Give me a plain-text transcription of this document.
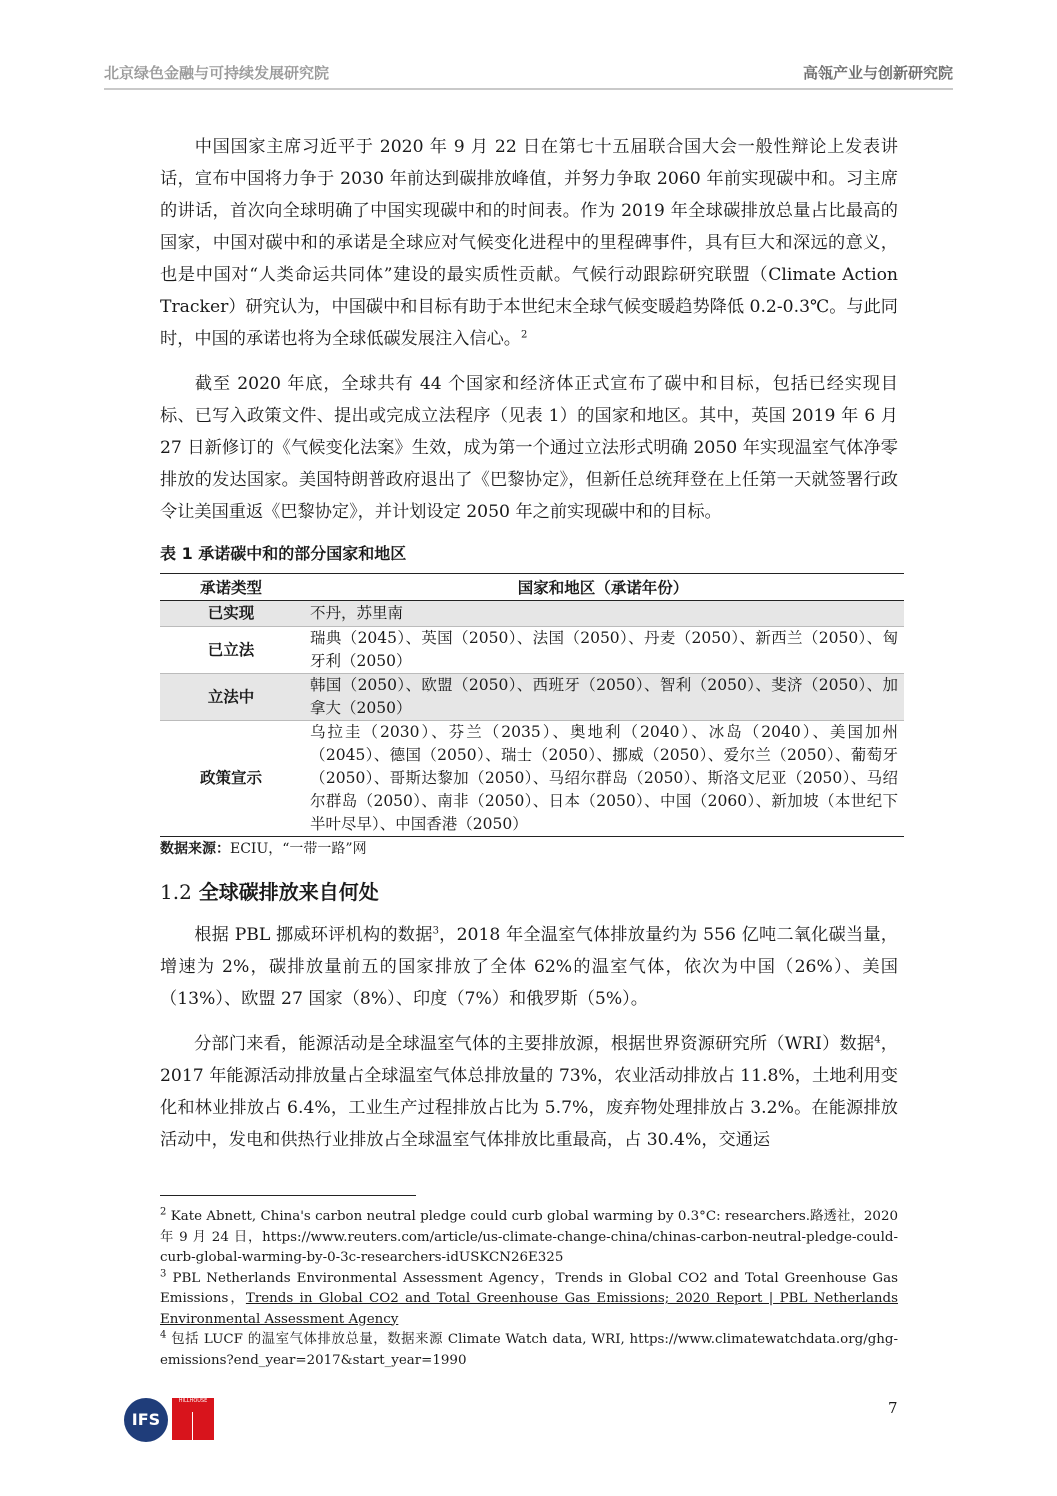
北京绿色金融与可持续发展研究院	高瓴产业与创新研究院

中国国家主席习近平于 2020 年 9 月 22 日在第七十五届联合国大会一般性辩论上发表讲话，宣布中国将力争于 2030 年前达到碳排放峰值，并努力争取 2060 年前实现碳中和。习主席的讲话，首次向全球明确了中国实现碳中和的时间表。作为 2019 年全球碳排放总量占比最高的国家，中国对碳中和的承诺是全球应对气候变化进程中的里程碑事件，具有巨大和深远的意义，也是中国对“人类命运共同体”建设的最实质性贡献。气候行动跟踪研究联盟（Climate Action Tracker）研究认为，中国碳中和目标有助于本世纪末全球气候变暖趋势降低 0.2-0.3℃。与此同时，中国的承诺也将为全球低碳发展注入信心。$^2$

截至 2020 年底，全球共有 44 个国家和经济体正式宣布了碳中和目标，包括已经实现目标、已写入政策文件、提出或完成立法程序（见表 1）的国家和地区。其中，英国 2019 年 6 月 27 日新修订的《气候变化法案》生效，成为第一个通过立法形式明确 2050 年实现温室气体净零排放的发达国家。美国特朗普政府退出了《巴黎协定》，但新任总统拜登在上任第一天就签署行政令让美国重返《巴黎协定》，并计划设定 2050 年之前实现碳中和的目标。

表 1 承诺碳中和的部分国家和地区
承诺类型	国家和地区（承诺年份）
已实现	不丹，苏里南
已立法	瑞典（2045）、英国（2050）、法国（2050）、丹麦（2050）、新西兰（2050）、匈牙利（2050）
立法中	韩国（2050）、欧盟（2050）、西班牙（2050）、智利（2050）、斐济（2050）、加拿大（2050）
政策宣示	乌拉圭（2030）、芬兰（2035）、奥地利（2040）、冰岛（2040）、美国加州（2045）、德国（2050）、瑞士（2050）、挪威（2050）、爱尔兰（2050）、葡萄牙（2050）、哥斯达黎加（2050）、马绍尔群岛（2050）、斯洛文尼亚（2050）、马绍尔群岛（2050）、南非（2050）、日本（2050）、中国（2060）、新加坡（本世纪下半叶尽早）、中国香港（2050）
数据来源：ECIU，“一带一路”网
1.2 全球碳排放来自何处

根据 PBL 挪威环评机构的数据$^3$，2018 年全温室气体排放量约为 556 亿吨二氧化碳当量，增速为 2%，碳排放量前五的国家排放了全体 62%的温室气体，依次为中国（26%）、美国（13%）、欧盟 27 国家（8%）、印度（7%）和俄罗斯（5%）。

分部门来看，能源活动是全球温室气体的主要排放源，根据世界资源研究所（WRI）数据$^4$，2017 年能源活动排放量占全球温室气体总排放量的 73%，农业活动排放占 11.8%，土地利用变化和林业排放占 6.4%，工业生产过程排放占比为 5.7%，废弃物处理排放占 3.2%。在能源排放活动中，发电和供热行业排放占全球温室气体排放比重最高，占 30.4%，交通运

$^2$ Kate Abnett, China's carbon neutral pledge could curb global warming by 0.3°C: researchers.路透社，2020 年 9 月 24 日，https://www.reuters.com/article/us-climate-change-china/chinas-carbon-neutral-pledge-could-curb-global-warming-by-0-3c-researchers-idUSKCN26E325

$^3$ PBL Netherlands Environmental Assessment Agency，Trends in Global CO2 and Total Greenhouse Gas Emissions，Trends in Global CO2 and Total Greenhouse Gas Emissions; 2020 Report | PBL Netherlands Environmental Assessment Agency

$^4$ 包括 LUCF 的温室气体排放总量，数据来源 Climate Watch data, WRI, https://www.climatewatchdata.org/ghg-emissions?end_year=2017&start_year=1990

IFS
HILLHOUSE	7
